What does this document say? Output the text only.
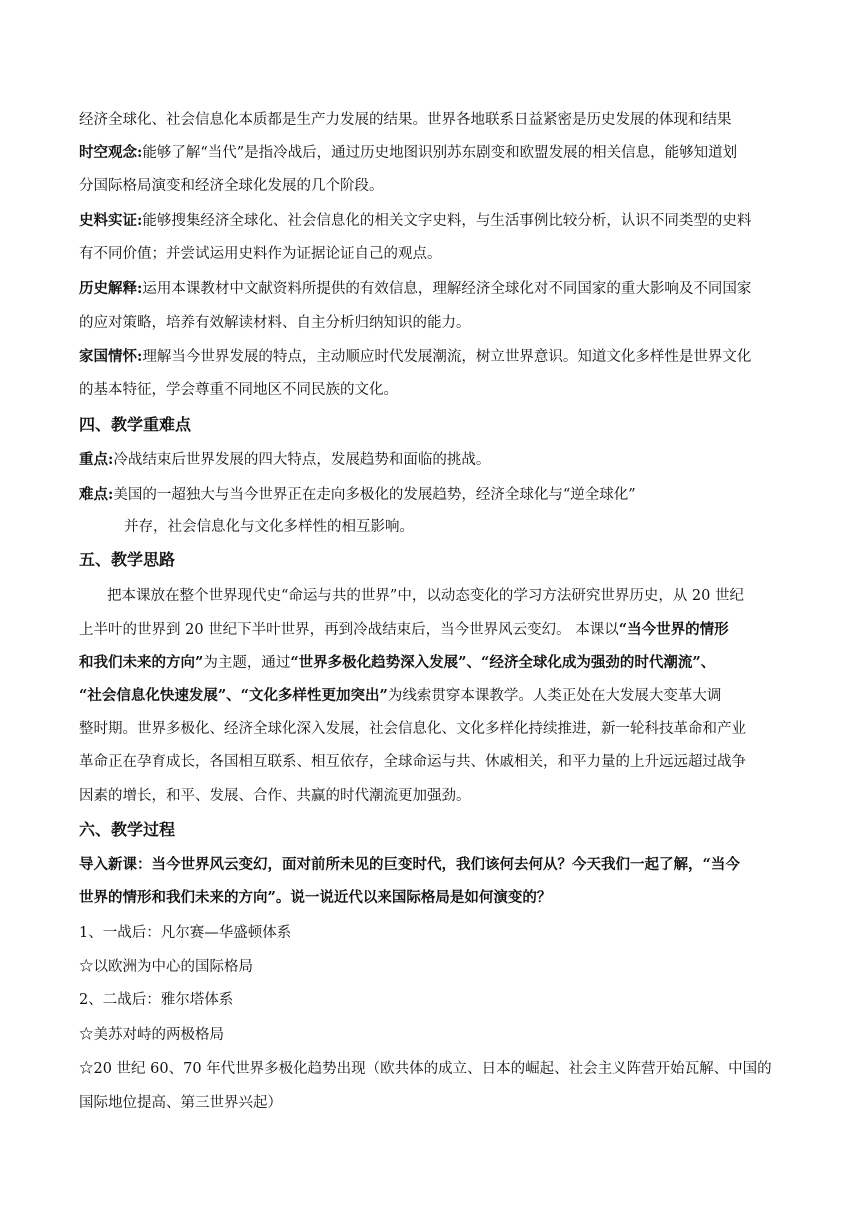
经济全球化、社会信息化本质都是生产力发展的结果。世界各地联系日益紧密是历史发展的体现和结果
时空观念:能够了解“当代”是指冷战后，通过历史地图识别苏东剧变和欧盟发展的相关信息，能够知道划
分国际格局演变和经济全球化发展的几个阶段。
史料实证:能够搜集经济全球化、社会信息化的相关文字史料，与生活事例比较分析，认识不同类型的史料
有不同价值；并尝试运用史料作为证据论证自己的观点。
历史解释:运用本课教材中文献资料所提供的有效信息，理解经济全球化对不同国家的重大影响及不同国家
的应对策略，培养有效解读材料、自主分析归纳知识的能力。
家国情怀:理解当今世界发展的特点，主动顺应时代发展潮流，树立世界意识。知道文化多样性是世界文化
的基本特征，学会尊重不同地区不同民族的文化。
四、教学重难点
重点:冷战结束后世界发展的四大特点，发展趋势和面临的挑战。
难点:美国的一超独大与当今世界正在走向多极化的发展趋势，经济全球化与“逆全球化”
并存，社会信息化与文化多样性的相互影响。
五、教学思路
把本课放在整个世界现代史“命运与共的世界”中，以动态变化的学习方法研究世界历史，从 20 世纪
上半叶的世界到 20 世纪下半叶世界，再到冷战结束后，当今世界风云变幻。 本课以“当今世界的情形
和我们未来的方向”为主题，通过“世界多极化趋势深入发展”、“经济全球化成为强劲的时代潮流”、
“社会信息化快速发展”、“文化多样性更加突出”为线索贯穿本课教学。人类正处在大发展大变革大调
整时期。世界多极化、经济全球化深入发展，社会信息化、文化多样化持续推进，新一轮科技革命和产业
革命正在孕育成长，各国相互联系、相互依存，全球命运与共、休戚相关，和平力量的上升远远超过战争
因素的增长，和平、发展、合作、共赢的时代潮流更加强劲。
六、教学过程
导入新课：当今世界风云变幻，面对前所未见的巨变时代，我们该何去何从？今天我们一起了解，“当今
世界的情形和我们未来的方向”。说一说近代以来国际格局是如何演变的？
1、一战后：凡尔赛—华盛顿体系
☆以欧洲为中心的国际格局
2、二战后：雅尔塔体系
☆美苏对峙的两极格局
☆20 世纪 60、70 年代世界多极化趋势出现（欧共体的成立、日本的崛起、社会主义阵营开始瓦解、中国的
国际地位提高、第三世界兴起）
